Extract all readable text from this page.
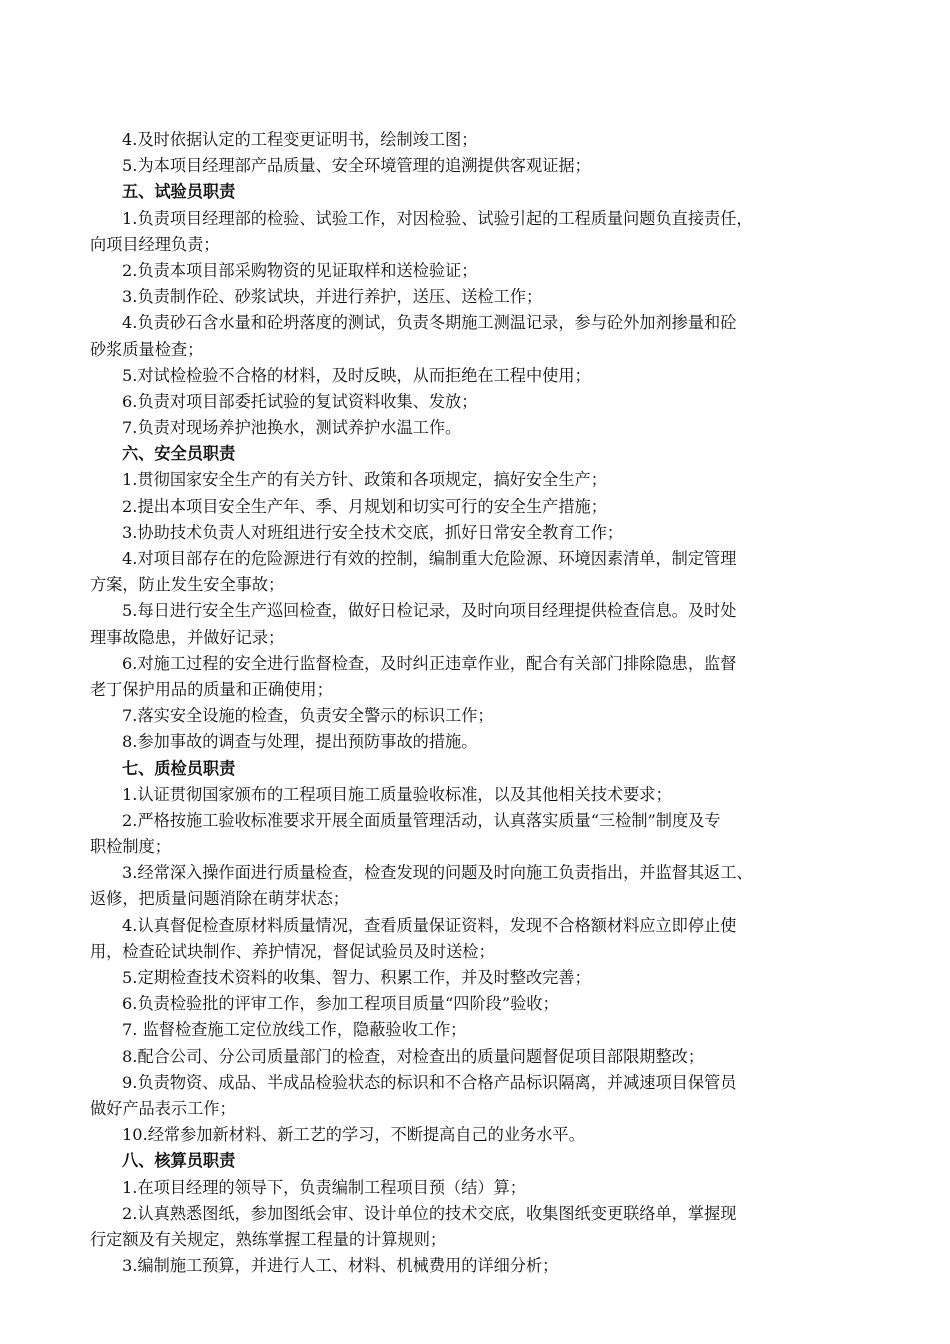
4.及时依据认定的工程变更证明书，绘制竣工图；

5.为本项目经理部产品质量、安全环境管理的追溯提供客观证据；

五、试验员职责

1.负责项目经理部的检验、试验工作，对因检验、试验引起的工程质量问题负直接责任，

向项目经理负责；

2.负责本项目部采购物资的见证取样和送检验证；

3.负责制作砼、砂浆试块，并进行养护，送压、送检工作；

4.负责砂石含水量和砼坍落度的测试，负责冬期施工测温记录，参与砼外加剂掺量和砼

砂浆质量检查；

5.对试检检验不合格的材料，及时反映，从而拒绝在工程中使用；

6.负责对项目部委托试验的复试资料收集、发放；

7.负责对现场养护池换水，测试养护水温工作。

六、安全员职责

1.贯彻国家安全生产的有关方针、政策和各项规定，搞好安全生产；

2.提出本项目安全生产年、季、月规划和切实可行的安全生产措施；

3.协助技术负责人对班组进行安全技术交底，抓好日常安全教育工作；

4.对项目部存在的危险源进行有效的控制，编制重大危险源、环境因素清单，制定管理

方案，防止发生安全事故；

5.每日进行安全生产巡回检查，做好日检记录，及时向项目经理提供检查信息。及时处

理事故隐患，并做好记录；

6.对施工过程的安全进行监督检查，及时纠正违章作业，配合有关部门排除隐患，监督

老丁保护用品的质量和正确使用；

7.落实安全设施的检查，负责安全警示的标识工作；

8.参加事故的调查与处理，提出预防事故的措施。

七、质检员职责

1.认证贯彻国家颁布的工程项目施工质量验收标准，以及其他相关技术要求；

2.严格按施工验收标准要求开展全面质量管理活动，认真落实质量“三检制”制度及专

职检制度；

3.经常深入操作面进行质量检查，检查发现的问题及时向施工负责指出，并监督其返工、

返修，把质量问题消除在萌芽状态；

4.认真督促检查原材料质量情况，查看质量保证资料，发现不合格额材料应立即停止使

用，检查砼试块制作、养护情况，督促试验员及时送检；

5.定期检查技术资料的收集、智力、积累工作，并及时整改完善；

6.负责检验批的评审工作，参加工程项目质量“四阶段”验收；

7. 监督检查施工定位放线工作，隐蔽验收工作；

8.配合公司、分公司质量部门的检查，对检查出的质量问题督促项目部限期整改；

9.负责物资、成品、半成品检验状态的标识和不合格产品标识隔离，并减速项目保管员

做好产品表示工作；

10.经常参加新材料、新工艺的学习，不断提高自己的业务水平。

八、核算员职责

1.在项目经理的领导下，负责编制工程项目预（结）算；

2.认真熟悉图纸，参加图纸会审、设计单位的技术交底，收集图纸变更联络单，掌握现

行定额及有关规定，熟练掌握工程量的计算规则；

3.编制施工预算，并进行人工、材料、机械费用的详细分析；
